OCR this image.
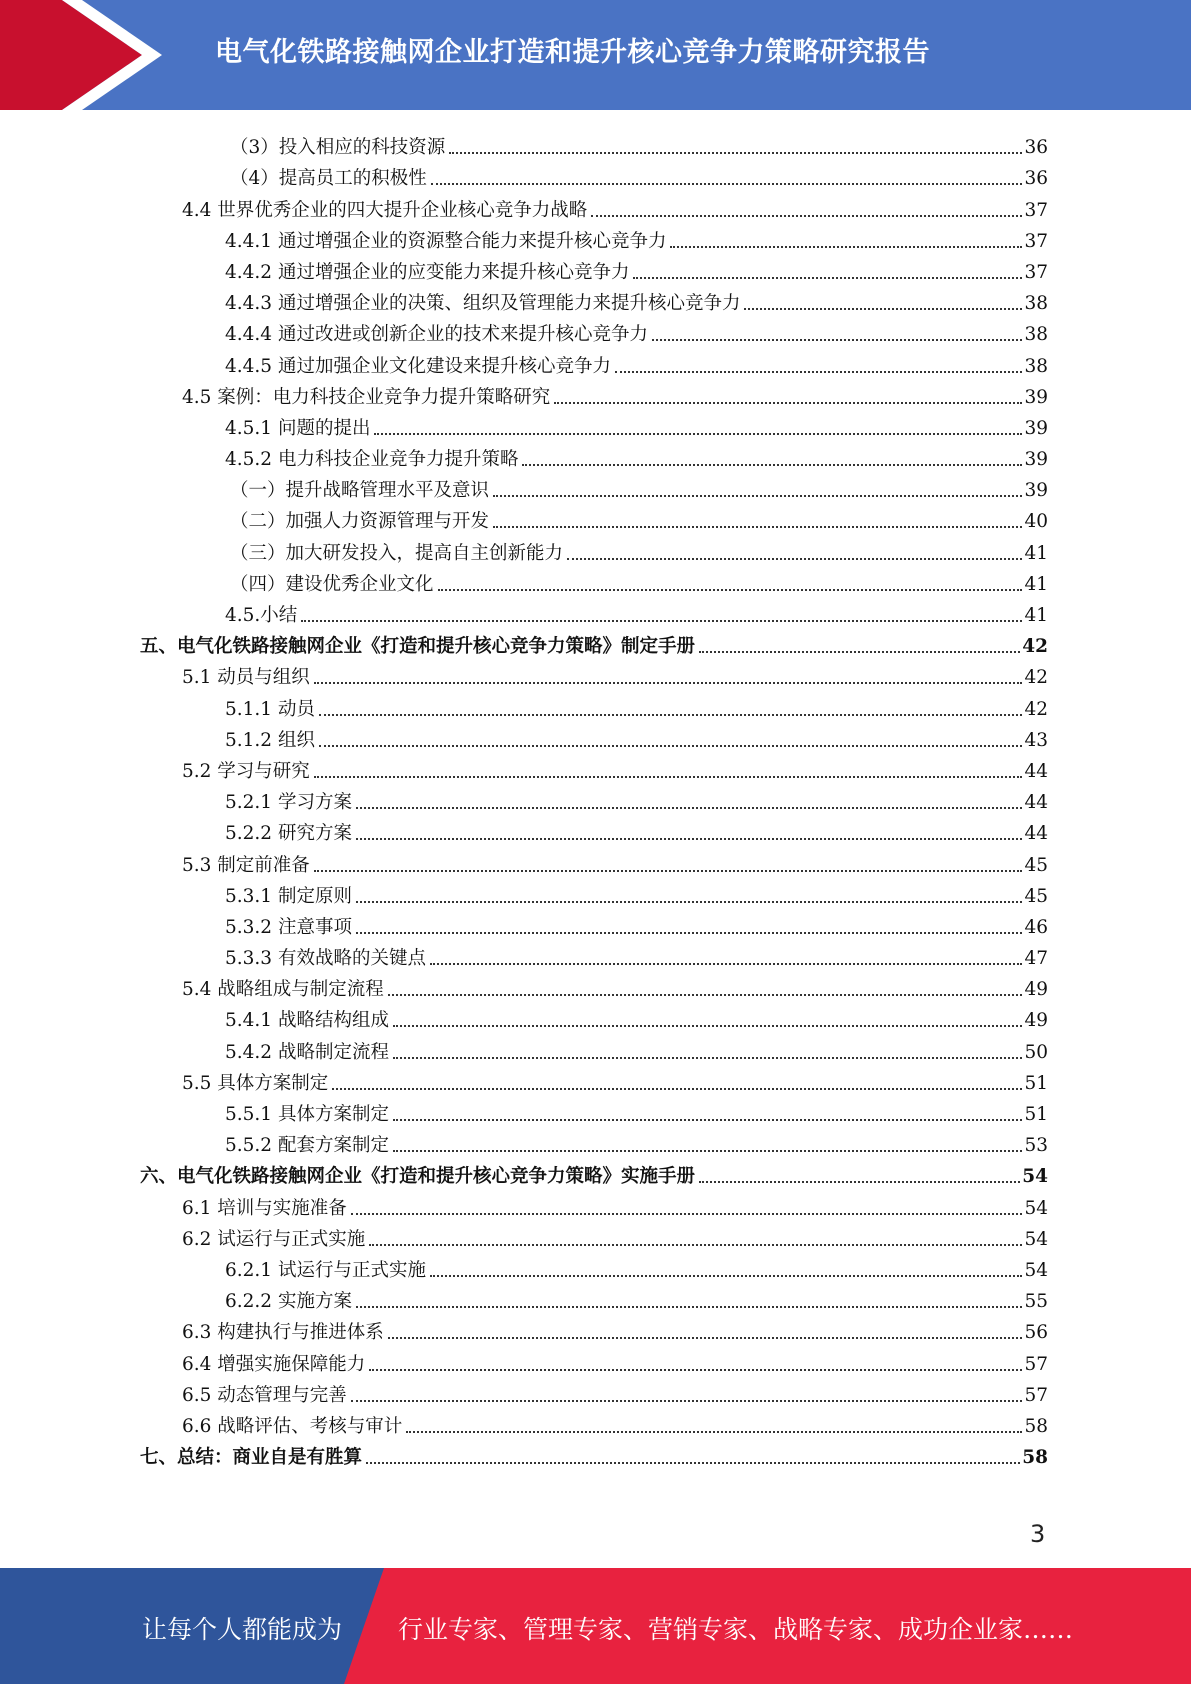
电气化铁路接触网企业打造和提升核心竞争力策略研究报告
（3）投入相应的科技资源	36
（4）提高员工的积极性	36
4.4 世界优秀企业的四大提升企业核心竞争力战略	37
4.4.1 通过增强企业的资源整合能力来提升核心竞争力	37
4.4.2 通过增强企业的应变能力来提升核心竞争力	37
4.4.3 通过增强企业的决策、组织及管理能力来提升核心竞争力	38
4.4.4 通过改进或创新企业的技术来提升核心竞争力	38
4.4.5 通过加强企业文化建设来提升核心竞争力	38
4.5 案例：电力科技企业竞争力提升策略研究	39
4.5.1 问题的提出	39
4.5.2 电力科技企业竞争力提升策略	39
（一）提升战略管理水平及意识	39
（二）加强人力资源管理与开发	40
（三）加大研发投入，提高自主创新能力	41
（四）建设优秀企业文化	41
4.5.小结	41
五、电气化铁路接触网企业《打造和提升核心竞争力策略》制定手册	42
5.1 动员与组织	42
5.1.1 动员	42
5.1.2 组织	43
5.2 学习与研究	44
5.2.1 学习方案	44
5.2.2 研究方案	44
5.3 制定前准备	45
5.3.1 制定原则	45
5.3.2 注意事项	46
5.3.3 有效战略的关键点	47
5.4 战略组成与制定流程	49
5.4.1 战略结构组成	49
5.4.2 战略制定流程	50
5.5 具体方案制定	51
5.5.1 具体方案制定	51
5.5.2 配套方案制定	53
六、电气化铁路接触网企业《打造和提升核心竞争力策略》实施手册	54
6.1 培训与实施准备	54
6.2 试运行与正式实施	54
6.2.1 试运行与正式实施	54
6.2.2 实施方案	55
6.3 构建执行与推进体系	56
6.4 增强实施保障能力	57
6.5 动态管理与完善	57
6.6 战略评估、考核与审计	58
七、总结：商业自是有胜算	58
3
让每个人都能成为 行业专家、管理专家、营销专家、战略专家、成功企业家……
